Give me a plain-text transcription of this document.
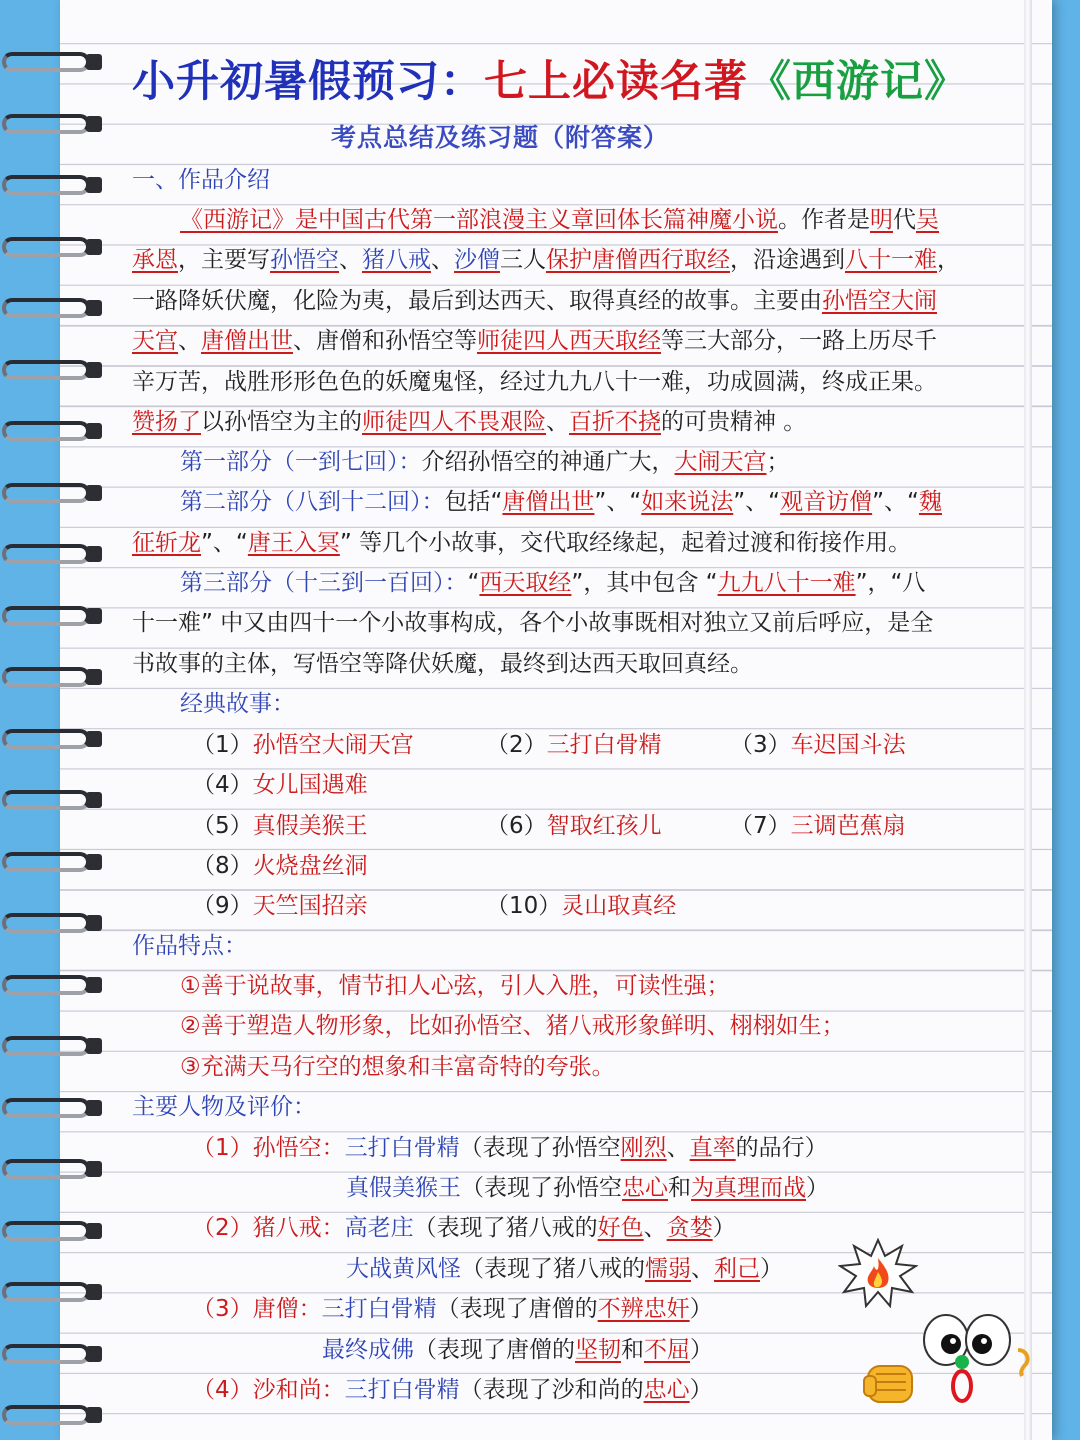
小升初暑假预习：七上必读名著《西游记》
考点总结及练习题（附答案）
一、作品介绍
《西游记》是中国古代第一部浪漫主义章回体长篇神魔小说。作者是明代吴
承恩，主要写孙悟空、猪八戒、沙僧三人保护唐僧西行取经，沿途遇到八十一难，
一路降妖伏魔，化险为夷，最后到达西天、取得真经的故事。主要由孙悟空大闹
天宫、唐僧出世、唐僧和孙悟空等师徒四人西天取经等三大部分，一路上历尽千
辛万苦，战胜形形色色的妖魔鬼怪，经过九九八十一难，功成圆满，终成正果。
赞扬了以孙悟空为主的师徒四人不畏艰险、百折不挠的可贵精神 。
第一部分（一到七回）：介绍孙悟空的神通广大，大闹天宫；
第二部分（八到十二回）：包括“唐僧出世”、“如来说法”、“观音访僧”、“魏
征斩龙”、“唐王入冥” 等几个小故事，交代取经缘起，起着过渡和衔接作用。
第三部分（十三到一百回）：“西天取经”，其中包含 “九九八十一难”，“八
十一难” 中又由四十一个小故事构成，各个小故事既相对独立又前后呼应，是全
书故事的主体，写悟空等降伏妖魔，最终到达西天取回真经。
经典故事：
（1）孙悟空大闹天宫	（2）三打白骨精	（3）车迟国斗法
（4）女儿国遇难
（5）真假美猴王	（6）智取红孩儿	（7）三调芭蕉扇
（8）火烧盘丝洞
（9）天竺国招亲	（10）灵山取真经
作品特点：
①善于说故事，情节扣人心弦，引人入胜，可读性强；
②善于塑造人物形象，比如孙悟空、猪八戒形象鲜明、栩栩如生；
③充满天马行空的想象和丰富奇特的夸张。
主要人物及评价：
（1）孙悟空：三打白骨精（表现了孙悟空刚烈、直率的品行）
真假美猴王（表现了孙悟空忠心和为真理而战）
（2）猪八戒：高老庄（表现了猪八戒的好色、贪婪）
大战黄风怪（表现了猪八戒的懦弱、利己）
（3）唐僧：三打白骨精（表现了唐僧的不辨忠奸）
最终成佛（表现了唐僧的坚韧和不屈）
（4）沙和尚：三打白骨精（表现了沙和尚的忠心）
